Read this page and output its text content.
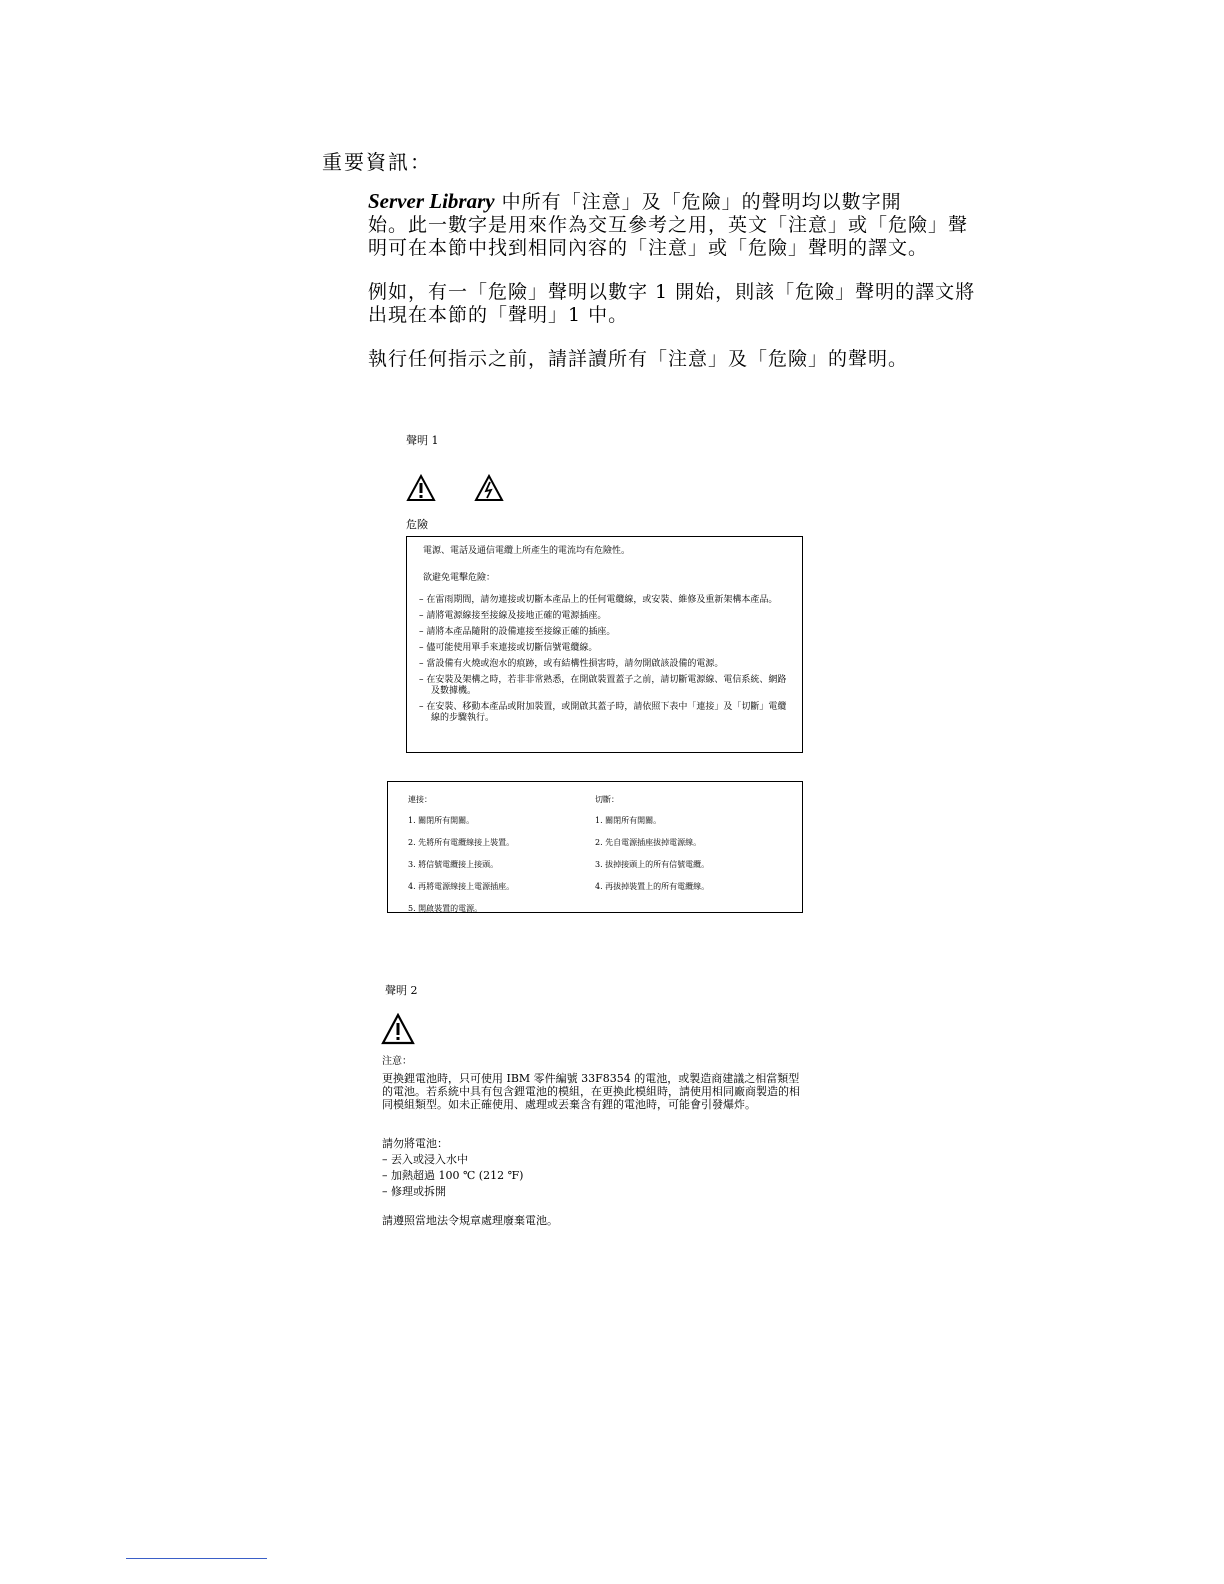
重要資訊：
Server Library 中所有「注意」及「危險」的聲明均以數字開
始。此一數字是用來作為交互參考之用，英文「注意」或「危險」聲
明可在本節中找到相同內容的「注意」或「危險」聲明的譯文。
例如，有一「危險」聲明以數字 1 開始，則該「危險」聲明的譯文將
出現在本節的「聲明」1 中。
執行任何指示之前，請詳讀所有「注意」及「危險」的聲明。
聲明 1
危險
電源、電話及通信電纜上所產生的電流均有危險性。
欲避免電擊危險：
– 在雷雨期間，請勿連接或切斷本產品上的任何電纜線，或安裝、維修及重新架構本產品。
– 請將電源線接至接線及接地正確的電源插座。
– 請將本產品隨附的設備連接至接線正確的插座。
– 儘可能使用單手來連接或切斷信號電纜線。
– 當設備有火燒或泡水的痕跡，或有結構性損害時，請勿開啟該設備的電源。
– 在安裝及架構之時，若非非常熟悉，在開啟裝置蓋子之前，請切斷電源線、電信系統、網路及數據機。
– 在安裝、移動本產品或附加裝置，或開啟其蓋子時，請依照下表中「連接」及「切斷」電纜線的步驟執行。
連接：
1. 關閉所有開關。
2. 先將所有電纜線接上裝置。
3. 將信號電纜接上接頭。
4. 再將電源線接上電源插座。
5. 開啟裝置的電源。
切斷：
1. 關閉所有開關。
2. 先自電源插座拔掉電源線。
3. 拔掉接頭上的所有信號電纜。
4. 再拔掉裝置上的所有電纜線。
聲明 2
注意：
更換鋰電池時，只可使用 IBM 零件編號 33F8354 的電池，或製造商建議之相當類型的電池。若系統中具有包含鋰電池的模組，在更換此模組時，請使用相同廠商製造的相同模組類型。如未正確使用、處理或丟棄含有鋰的電池時，可能會引發爆炸。
請勿將電池：
– 丟入或浸入水中
– 加熱超過 100 ℃ (212 ℉)
– 修理或拆開
請遵照當地法令規章處理廢棄電池。
